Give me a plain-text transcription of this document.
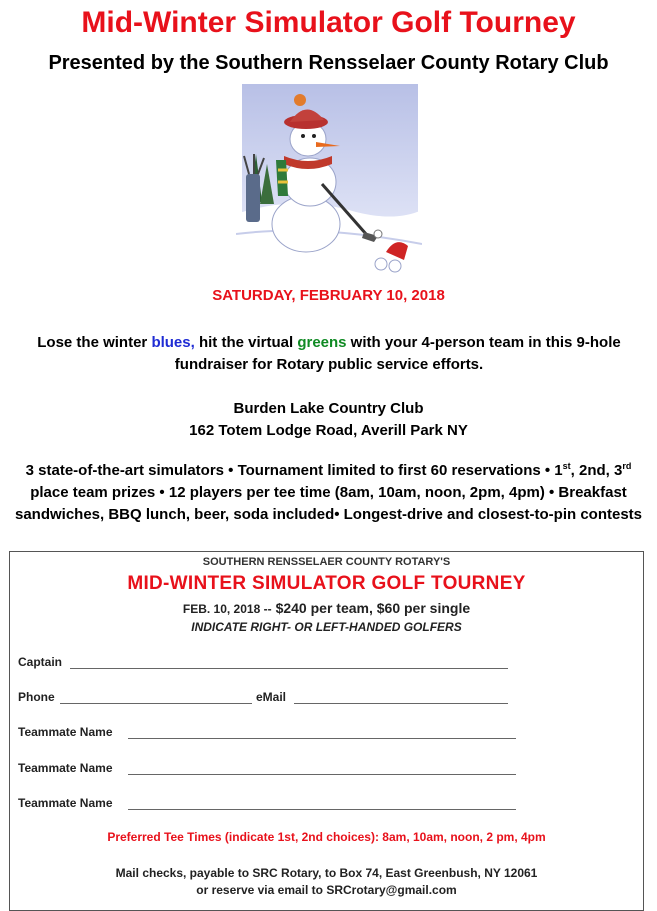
Mid-Winter Simulator Golf Tourney
Presented by the Southern Rensselaer County Rotary Club
SATURDAY, FEBRUARY 10, 2018
Lose the winter blues, hit the virtual greens with your 4-person team in this 9-hole fundraiser for Rotary public service efforts.
Burden Lake Country Club
162 Totem Lodge Road, Averill Park NY
3 state-of-the-art simulators • Tournament limited to first 60 reservations • 1st, 2nd, 3rd place team prizes • 12 players per tee time (8am, 10am, noon, 2pm, 4pm) • Breakfast sandwiches, BBQ lunch, beer, soda included• Longest-drive and closest-to-pin contests
SOUTHERN RENSSELAER COUNTY ROTARY'S
MID-WINTER SIMULATOR GOLF TOURNEY
FEB. 10, 2018 -- $240 per team, $60 per single
INDICATE RIGHT- OR LEFT-HANDED GOLFERS
Captain
Phone	eMail
Teammate Name
Teammate Name
Teammate Name
Preferred Tee Times (indicate 1st, 2nd choices): 8am, 10am, noon, 2 pm, 4pm
Mail checks, payable to SRC Rotary, to Box 74, East Greenbush, NY 12061
or reserve via email to SRCrotary@gmail.com
